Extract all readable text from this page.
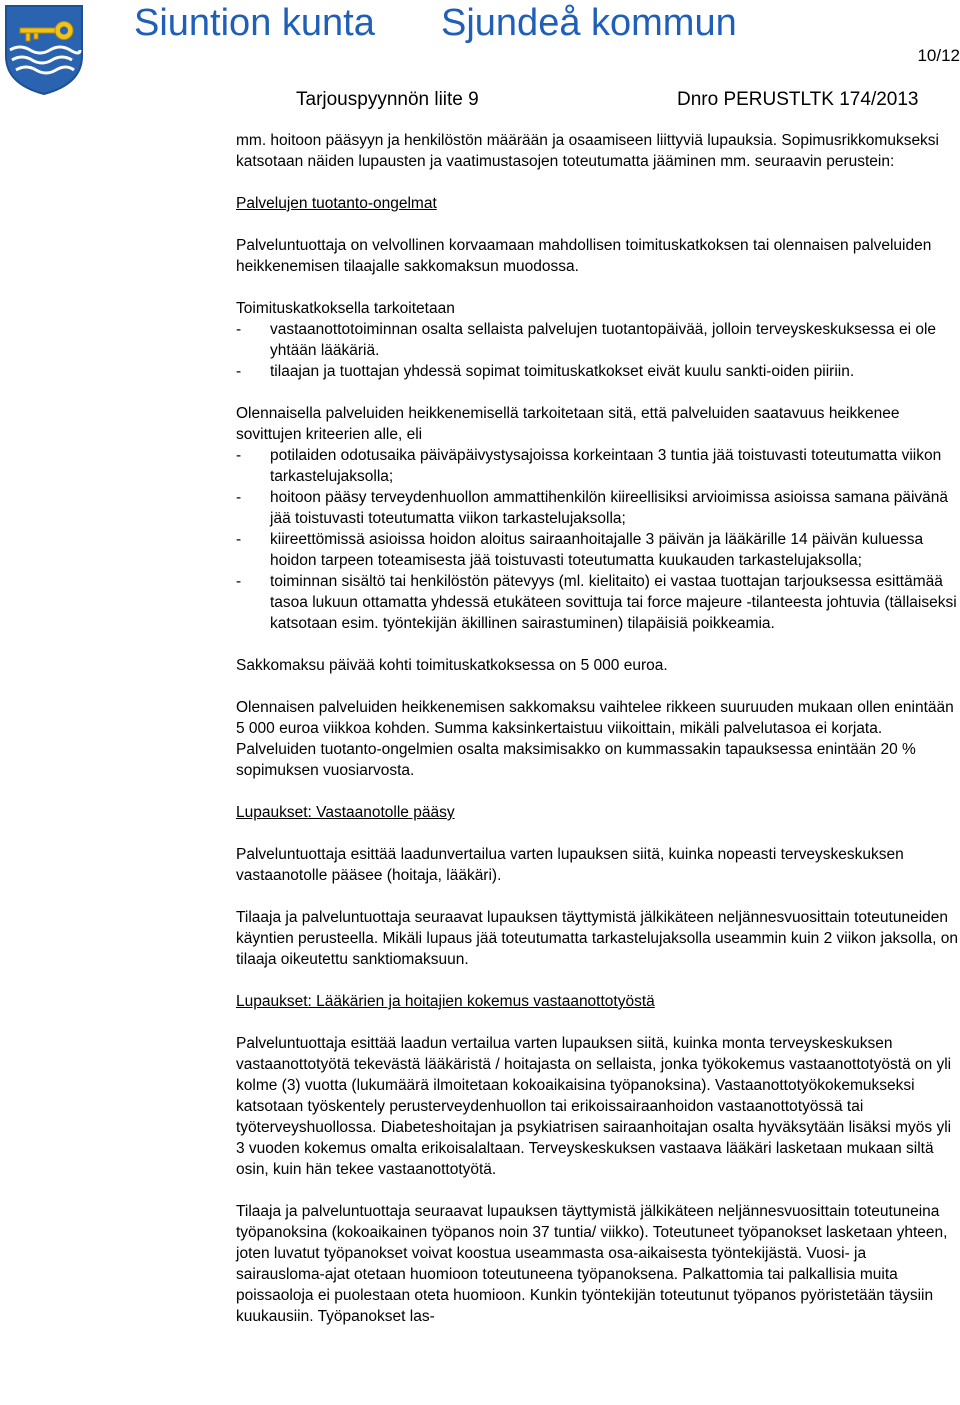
Siuntion kunta Sjundeå kommun
10/12
Tarjouspyynnön liite 9	Dnro PERUSTLTK 174/2013

mm. hoitoon pääsyyn ja henkilöstön määrään ja osaamiseen liittyviä lupauksia. Sopimusrikkomukseksi katsotaan näiden lupausten ja vaatimustasojen toteutumatta jääminen mm. seuraavin perustein:

Palvelujen tuotanto-ongelmat

Palveluntuottaja on velvollinen korvaamaan mahdollisen toimituskatkoksen tai olennaisen palveluiden heikkenemisen tilaajalle sakkomaksun muodossa.

Toimituskatkoksella tarkoitetaan

- vastaanottotoiminnan osalta sellaista palvelujen tuotantopäivää, jolloin terveyskeskuksessa ei ole yhtään lääkäriä.
- tilaajan ja tuottajan yhdessä sopimat toimituskatkokset eivät kuulu sankti-oiden piiriin.

Olennaisella palveluiden heikkenemisellä tarkoitetaan sitä, että palveluiden saatavuus heikkenee sovittujen kriteerien alle, eli

- potilaiden odotusaika päiväpäivystysajoissa korkeintaan 3 tuntia jää toistuvasti toteutumatta viikon tarkastelujaksolla;
- hoitoon pääsy terveydenhuollon ammattihenkilön kiireellisiksi arvioimissa asioissa samana päivänä jää toistuvasti toteutumatta viikon tarkastelujaksolla;
- kiireettömissä asioissa hoidon aloitus sairaanhoitajalle 3 päivän ja lääkärille 14 päivän kuluessa hoidon tarpeen toteamisesta jää toistuvasti toteutumatta kuukauden tarkastelujaksolla;
- toiminnan sisältö tai henkilöstön pätevyys (ml. kielitaito) ei vastaa tuottajan tarjouksessa esittämää tasoa lukuun ottamatta yhdessä etukäteen sovittuja tai force majeure -tilanteesta johtuvia (tällaiseksi katsotaan esim. työntekijän äkillinen sairastuminen) tilapäisiä poikkeamia.

Sakkomaksu päivää kohti toimituskatkoksessa on 5 000 euroa.

Olennaisen palveluiden heikkenemisen sakkomaksu vaihtelee rikkeen suuruuden mukaan ollen enintään 5 000 euroa viikkoa kohden. Summa kaksinkertaistuu viikoittain, mikäli palvelutasoa ei korjata. Palveluiden tuotanto-ongelmien osalta maksimisakko on kummassakin tapauksessa enintään 20 % sopimuksen vuosiarvosta.

Lupaukset: Vastaanotolle pääsy

Palveluntuottaja esittää laadunvertailua varten lupauksen siitä, kuinka nopeasti terveyskeskuksen vastaanotolle pääsee (hoitaja, lääkäri).

Tilaaja ja palveluntuottaja seuraavat lupauksen täyttymistä jälkikäteen neljännesvuosittain toteutuneiden käyntien perusteella. Mikäli lupaus jää toteutumatta tarkastelujaksolla useammin kuin 2 viikon jaksolla, on tilaaja oikeutettu sanktiomaksuun.

Lupaukset: Lääkärien ja hoitajien kokemus vastaanottotyöstä

Palveluntuottaja esittää laadun vertailua varten lupauksen siitä, kuinka monta terveyskeskuksen vastaanottotyötä tekevästä lääkäristä / hoitajasta on sellaista, jonka työkokemus vastaanottotyöstä on yli kolme (3) vuotta (lukumäärä ilmoitetaan kokoaikaisina työpanoksina). Vastaanottotyökokemukseksi katsotaan työskentely perusterveydenhuollon tai erikoissairaanhoidon vastaanottotyössä tai työterveyshuollossa. Diabeteshoitajan ja psykiatrisen sairaanhoitajan osalta hyväksytään lisäksi myös yli 3 vuoden kokemus omalta erikoisalaltaan. Terveyskeskuksen vastaava lääkäri lasketaan mukaan siltä osin, kuin hän tekee vastaanottotyötä.

Tilaaja ja palveluntuottaja seuraavat lupauksen täyttymistä jälkikäteen neljännesvuosittain toteutuneina työpanoksina (kokoaikainen työpanos noin 37 tuntia/ viikko). Toteutuneet työpanokset lasketaan yhteen, joten luvatut työpanokset voivat koostua useammasta osa-aikaisesta työntekijästä. Vuosi- ja sairausloma-ajat otetaan huomioon toteutuneena työpanoksena. Palkattomia tai palkallisia muita poissaoloja ei puolestaan oteta huomioon. Kunkin työntekijän toteutunut työpanos pyöristetään täysiin kuukausiin. Työpanokset las-
